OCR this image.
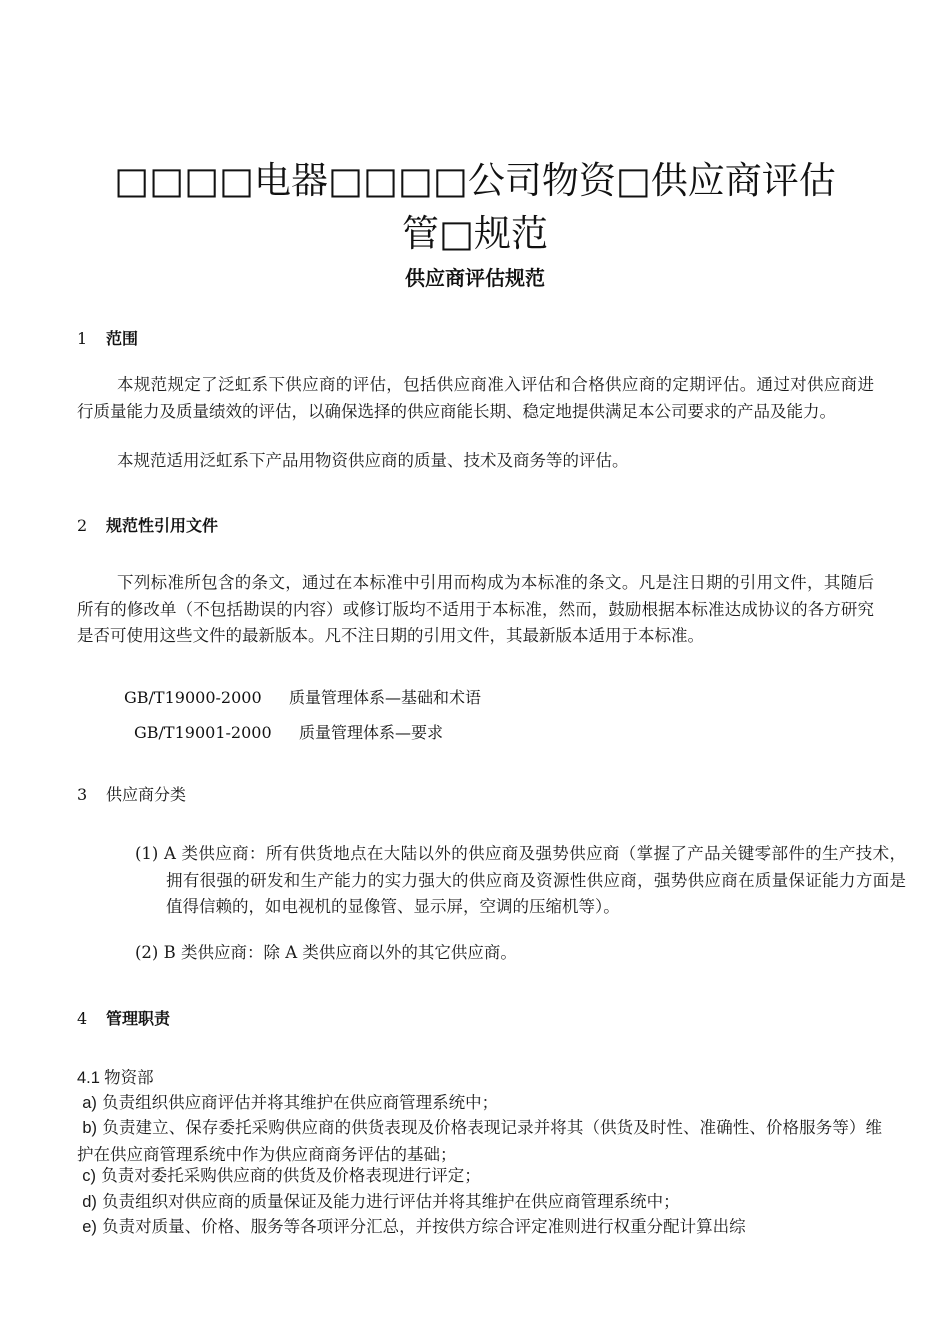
□□□□电器□□□□公司物资□供应商评估
管□规范
供应商评估规范
1 范围
本规范规定了泛虹系下供应商的评估，包括供应商准入评估和合格供应商的定期评估。通过对供应商进行质量能力及质量绩效的评估，以确保选择的供应商能长期、稳定地提供满足本公司要求的产品及能力。
本规范适用泛虹系下产品用物资供应商的质量、技术及商务等的评估。
2 规范性引用文件
下列标准所包含的条文，通过在本标准中引用而构成为本标准的条文。凡是注日期的引用文件，其随后所有的修改单（不包括勘误的内容）或修订版均不适用于本标准，然而，鼓励根据本标准达成协议的各方研究是否可使用这些文件的最新版本。凡不注日期的引用文件，其最新版本适用于本标准。
GB/T19000-2000 质量管理体系—基础和术语
GB/T19001-2000 质量管理体系—要求
3 供应商分类
(1) A 类供应商：所有供货地点在大陆以外的供应商及强势供应商（掌握了产品关键零部件的生产技术，拥有很强的研发和生产能力的实力强大的供应商及资源性供应商，强势供应商在质量保证能力方面是值得信赖的，如电视机的显像管、显示屏，空调的压缩机等）。
(2) B 类供应商：除 A 类供应商以外的其它供应商。
4 管理职责
4.1 物资部
a) 负责组织供应商评估并将其维护在供应商管理系统中；
b) 负责建立、保存委托采购供应商的供货表现及价格表现记录并将其（供货及时性、准确性、价格服务等）维护在供应商管理系统中作为供应商商务评估的基础；
c) 负责对委托采购供应商的供货及价格表现进行评定；
d) 负责组织对供应商的质量保证及能力进行评估并将其维护在供应商管理系统中；
e) 负责对质量、价格、服务等各项评分汇总，并按供方综合评定准则进行权重分配计算出综
